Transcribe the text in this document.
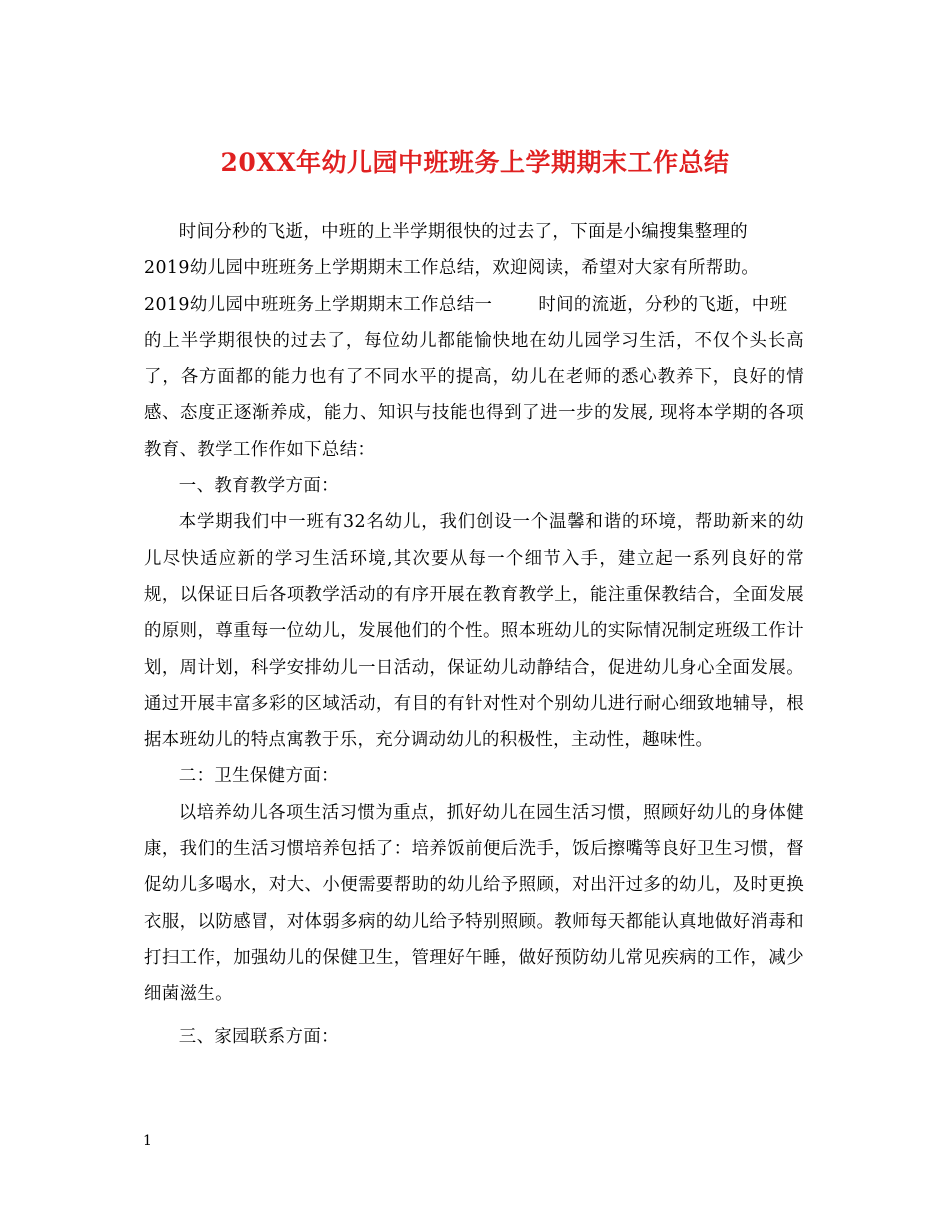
20XX年幼儿园中班班务上学期期末工作总结

时间分秒的飞逝，中班的上半学期很快的过去了，下面是小编搜集整理的

2019幼儿园中班班务上学期期末工作总结，欢迎阅读，希望对大家有所帮助。
2019幼儿园中班班务上学期期末工作总结一	时间的流逝，分秒的飞逝，中班
的上半学期很快的过去了，每位幼儿都能愉快地在幼儿园学习生活，不仅个头长高了，各方面都的能力也有了不同水平的提高，幼儿在老师的悉心教养下，良好的情感、态度正逐渐养成，能力、知识与技能也得到了进一步的发展, 现将本学期的各项教育、教学工作作如下总结：

一、教育教学方面：

本学期我们中一班有32名幼儿，我们创设一个温馨和谐的环境，帮助新来的幼儿尽快适应新的学习生活环境,其次要从每一个细节入手，建立起一系列良好的常规，以保证日后各项教学活动的有序开展在教育教学上，能注重保教结合，全面发展的原则，尊重每一位幼儿，发展他们的个性。照本班幼儿的实际情况制定班级工作计划，周计划，科学安排幼儿一日活动，保证幼儿动静结合，促进幼儿身心全面发展。通过开展丰富多彩的区域活动，有目的有针对性对个别幼儿进行耐心细致地辅导，根据本班幼儿的特点寓教于乐，充分调动幼儿的积极性，主动性，趣味性。

二：卫生保健方面：

以培养幼儿各项生活习惯为重点，抓好幼儿在园生活习惯，照顾好幼儿的身体健康，我们的生活习惯培养包括了：培养饭前便后洗手，饭后擦嘴等良好卫生习惯，督促幼儿多喝水，对大、小便需要帮助的幼儿给予照顾，对出汗过多的幼儿，及时更换衣服，以防感冒，对体弱多病的幼儿给予特别照顾。教师每天都能认真地做好消毒和打扫工作，加强幼儿的保健卫生，管理好午睡，做好预防幼儿常见疾病的工作，减少细菌滋生。

三、家园联系方面：

1
